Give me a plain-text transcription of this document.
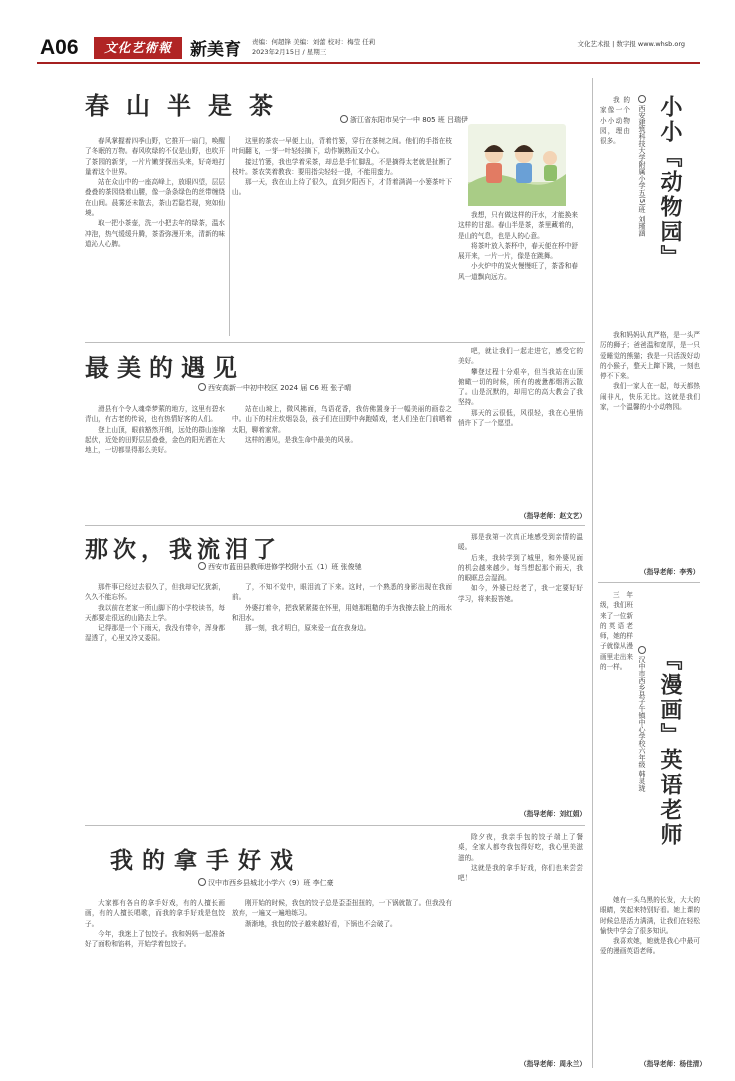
A06	文化艺術報	新美育 责编：何超锋 美编：刘蕾 校对：梅莹 任莉
2023年2月15日 / 星期三
文化艺术报 | 数字报 www.whsb.org
春山半是茶	浙江省东阳市吴宁一中 805 班 吕瑞伊

春风掌握着四季山野，它推开一扇门，唤醒了冬眠的万物。春风吹绿的不仅是山野，也吹开了茶园的新芽，一片片嫩芽探出头来，好奇地打量着这个世界。

站在众山中的一座高峰上，放眼四望，层层叠叠的茶园绕着山腰，像一条条绿色的丝带缠绕在山间。晨雾还未散去，茶山若隐若现，宛如仙境。

取一把小茶壶，洗一小把去年的绿茶，温水冲泡，热气缓缓升腾，茶香弥漫开来，清新的味道沁人心脾。

这里的茶农一早便上山，背着竹篓，穿行在茶树之间。他们的手指在枝叶间翻飞，一芽一叶轻轻摘下，动作娴熟而又小心。

接过竹篓，我也学着采茶，却总是手忙脚乱，不是摘得太老就是扯断了枝叶。茶农笑着教我：要用指尖轻轻一提，不能用蛮力。

那一天，我在山上待了很久，直到夕阳西下，才背着满满一小篓茶叶下山。

我想，只有做这样的汗水，才能换来这样的甘甜。春山半是茶，茶里藏着的，是山的气息，也是人的心意。

将茶叶放入茶杯中，春天便在杯中舒展开来，一片一片，像是在跳舞。

小火炉中的炭火慢慢旺了，茶香和春风一道飘向远方。

最美的遇见
西安高新一中初中校区 2024 届 C6 班 张子晴

滑县有个令人魂牵梦萦的地方，这里有碧水青山，有古老的传说，也有热情好客的人们。

登上山顶，眼前豁然开朗，远处的群山连绵起伏，近处的田野层层叠叠，金色的阳光洒在大地上，一切都显得那么美好。

站在山坡上，微风拂面，鸟语花香，我仿佛置身于一幅美丽的画卷之中。山下的村庄炊烟袅袅，孩子们在田野中奔跑嬉戏，老人们坐在门前晒着太阳，聊着家常。

这样的遇见，是我生命中最美的风景。

吧，就让我们一起走进它，感受它的美好。

攀登过程十分艰辛，但当我站在山顶俯瞰一切的时候，所有的疲惫都烟消云散了。山是沉默的，却用它的高大教会了我坚持。

那天的云很低，风很轻，我在心里悄悄许下了一个愿望。

（指导老师：赵文艺）
那次，我流泪了
西安市蓝田县教师进修学校附小五（1）班 张俊驰

那件事已经过去很久了，但我却记忆犹新，久久不能忘怀。

我以前在老家一所山脚下的小学校读书，每天都要走很远的山路去上学。

记得那是一个下雨天，我没有带伞，浑身都湿透了，心里又冷又委屈。

了，不知不觉中，眼泪流了下来。这时，一个熟悉的身影出现在我面前。

外婆打着伞，把我紧紧搂在怀里，用她那粗糙的手为我擦去脸上的雨水和泪水。

那一刻，我才明白，原来爱一直在我身边。

那是我第一次真正地感受到亲情的温暖。

后来，我转学到了城里，和外婆见面的机会越来越少。每当想起那个雨天，我的眼眶总会湿润。

如今，外婆已经老了，我一定要好好学习，将来报答她。

（指导老师：刘红娟）
我的拿手好戏
汉中市西乡县城北小学六（9）班 李仁豪

大家都有各自的拿手好戏，有的人擅长画画，有的人擅长唱歌，而我的拿手好戏是包饺子。

今年，我迷上了包饺子。我和妈妈一起准备好了面粉和馅料，开始学着包饺子。

刚开始的时候，我包的饺子总是歪歪扭扭的，一下锅就散了。但我没有放弃，一遍又一遍地练习。

渐渐地，我包的饺子越来越好看，下锅也不会破了。

除夕夜，我亲手包的饺子端上了餐桌，全家人都夸我包得好吃，我心里美滋滋的。

这就是我的拿手好戏，你们也来尝尝吧！

（指导老师：周永兰）
小小『动物园』
西安建筑科技大学附属小学五(5)班 刘瑾涵

我的家像一个小小动物园，理由很多。

我和妈妈认真严格，是一头严厉的狮子；爸爸温和宽厚，是一只爱睡觉的熊猫；我是一只活泼好动的小猴子，整天上蹿下跳，一刻也停不下来。

我们一家人在一起，每天都热闹非凡，快乐无比。这就是我们家，一个温馨的小小动物园。

（指导老师：李秀）
『漫画』英语老师
汉中市西乡县子午镇中心学校六年级 韩灵珑

三年级，我们班来了一位新的英语老师，她的样子就像从漫画里走出来的一样。

她有一头乌黑的长发，大大的眼睛，笑起来特别好看。她上课的时候总是活力满满，让我们在轻松愉快中学会了很多知识。

我喜欢她，她就是我心中最可爱的漫画英语老师。

（指导老师：杨佳清）
